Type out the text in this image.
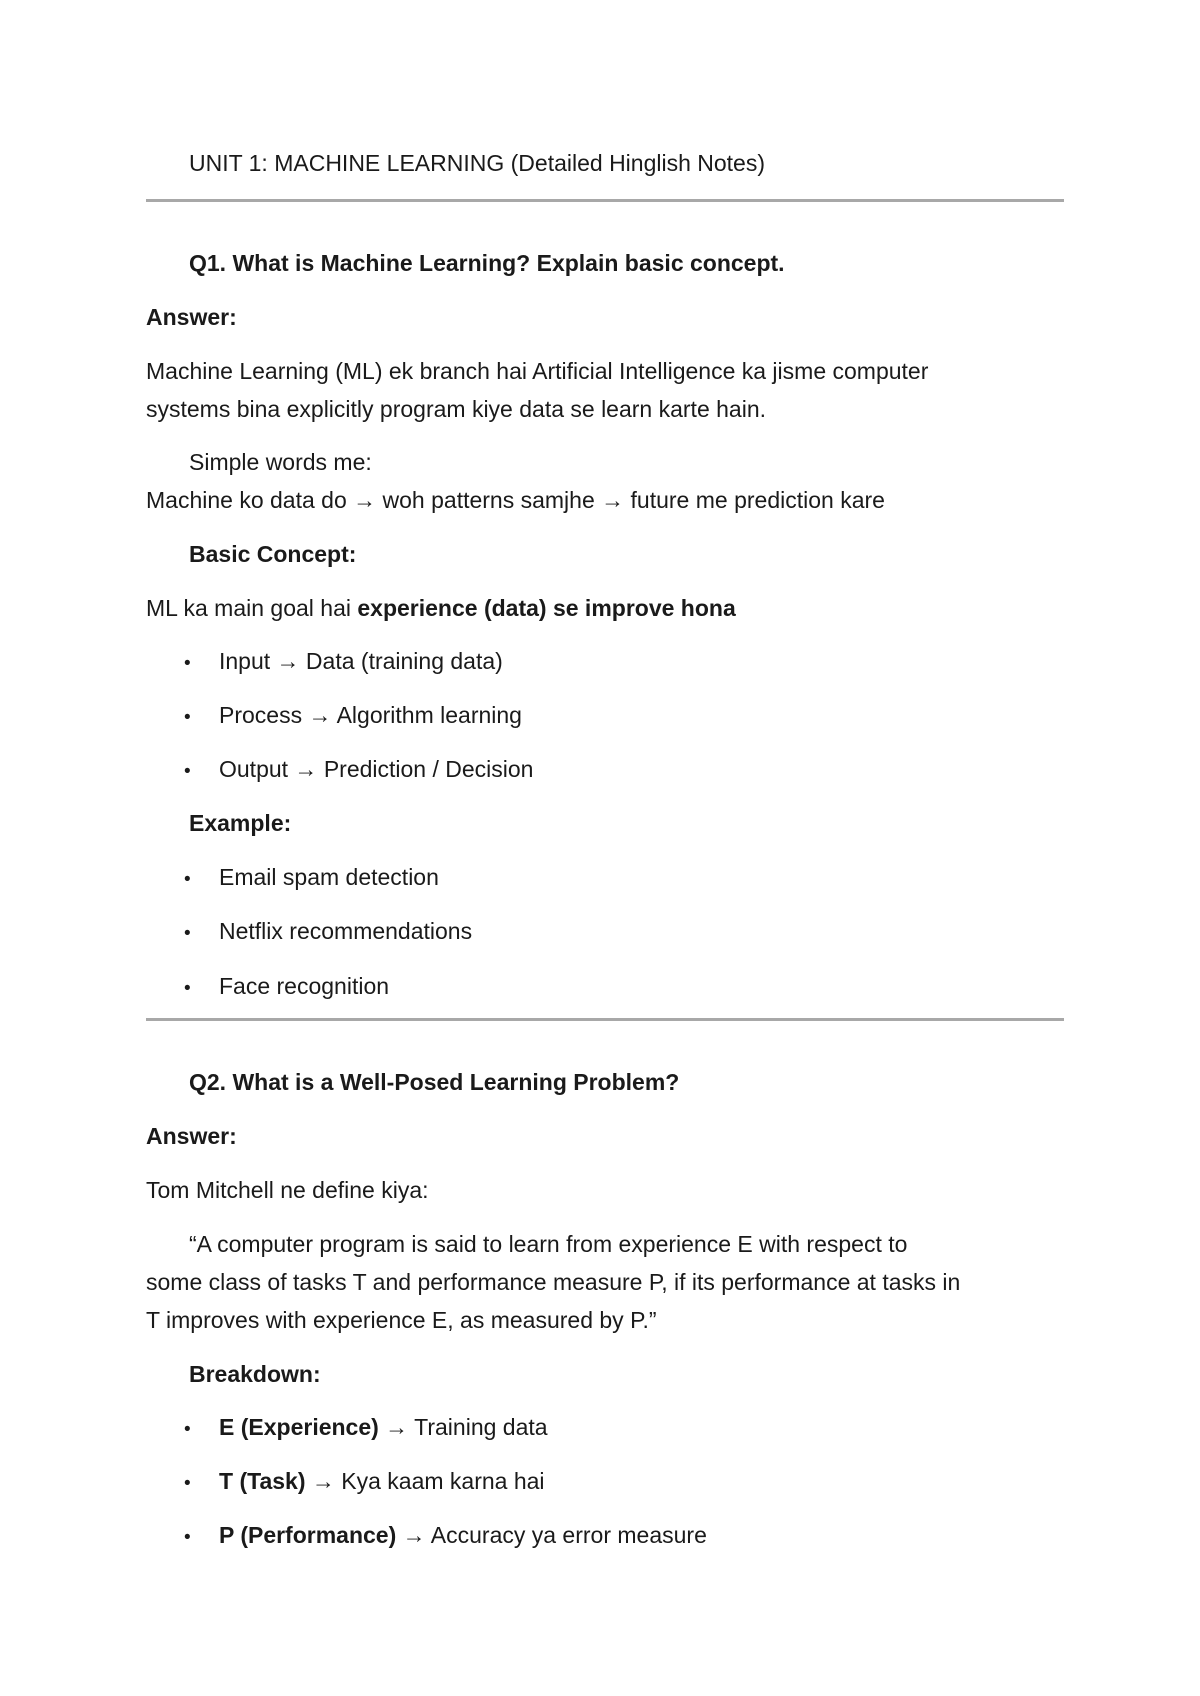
UNIT 1: MACHINE LEARNING (Detailed Hinglish Notes)
Q1. What is Machine Learning? Explain basic concept.
Answer:
Machine Learning (ML) ek branch hai Artificial Intelligence ka jisme computer
systems bina explicitly program kiye data se learn karte hain.
Simple words me:
Machine ko data do → woh patterns samjhe → future me prediction kare
Basic Concept:
ML ka main goal hai experience (data) se improve hona
• Input → Data (training data)
• Process → Algorithm learning
• Output → Prediction / Decision
Example:
• Email spam detection
• Netflix recommendations
• Face recognition
Q2. What is a Well-Posed Learning Problem?
Answer:
Tom Mitchell ne define kiya:
“A computer program is said to learn from experience E with respect to
some class of tasks T and performance measure P, if its performance at tasks in
T improves with experience E, as measured by P.”
Breakdown:
• E (Experience) → Training data
• T (Task) → Kya kaam karna hai
• P (Performance) → Accuracy ya error measure
